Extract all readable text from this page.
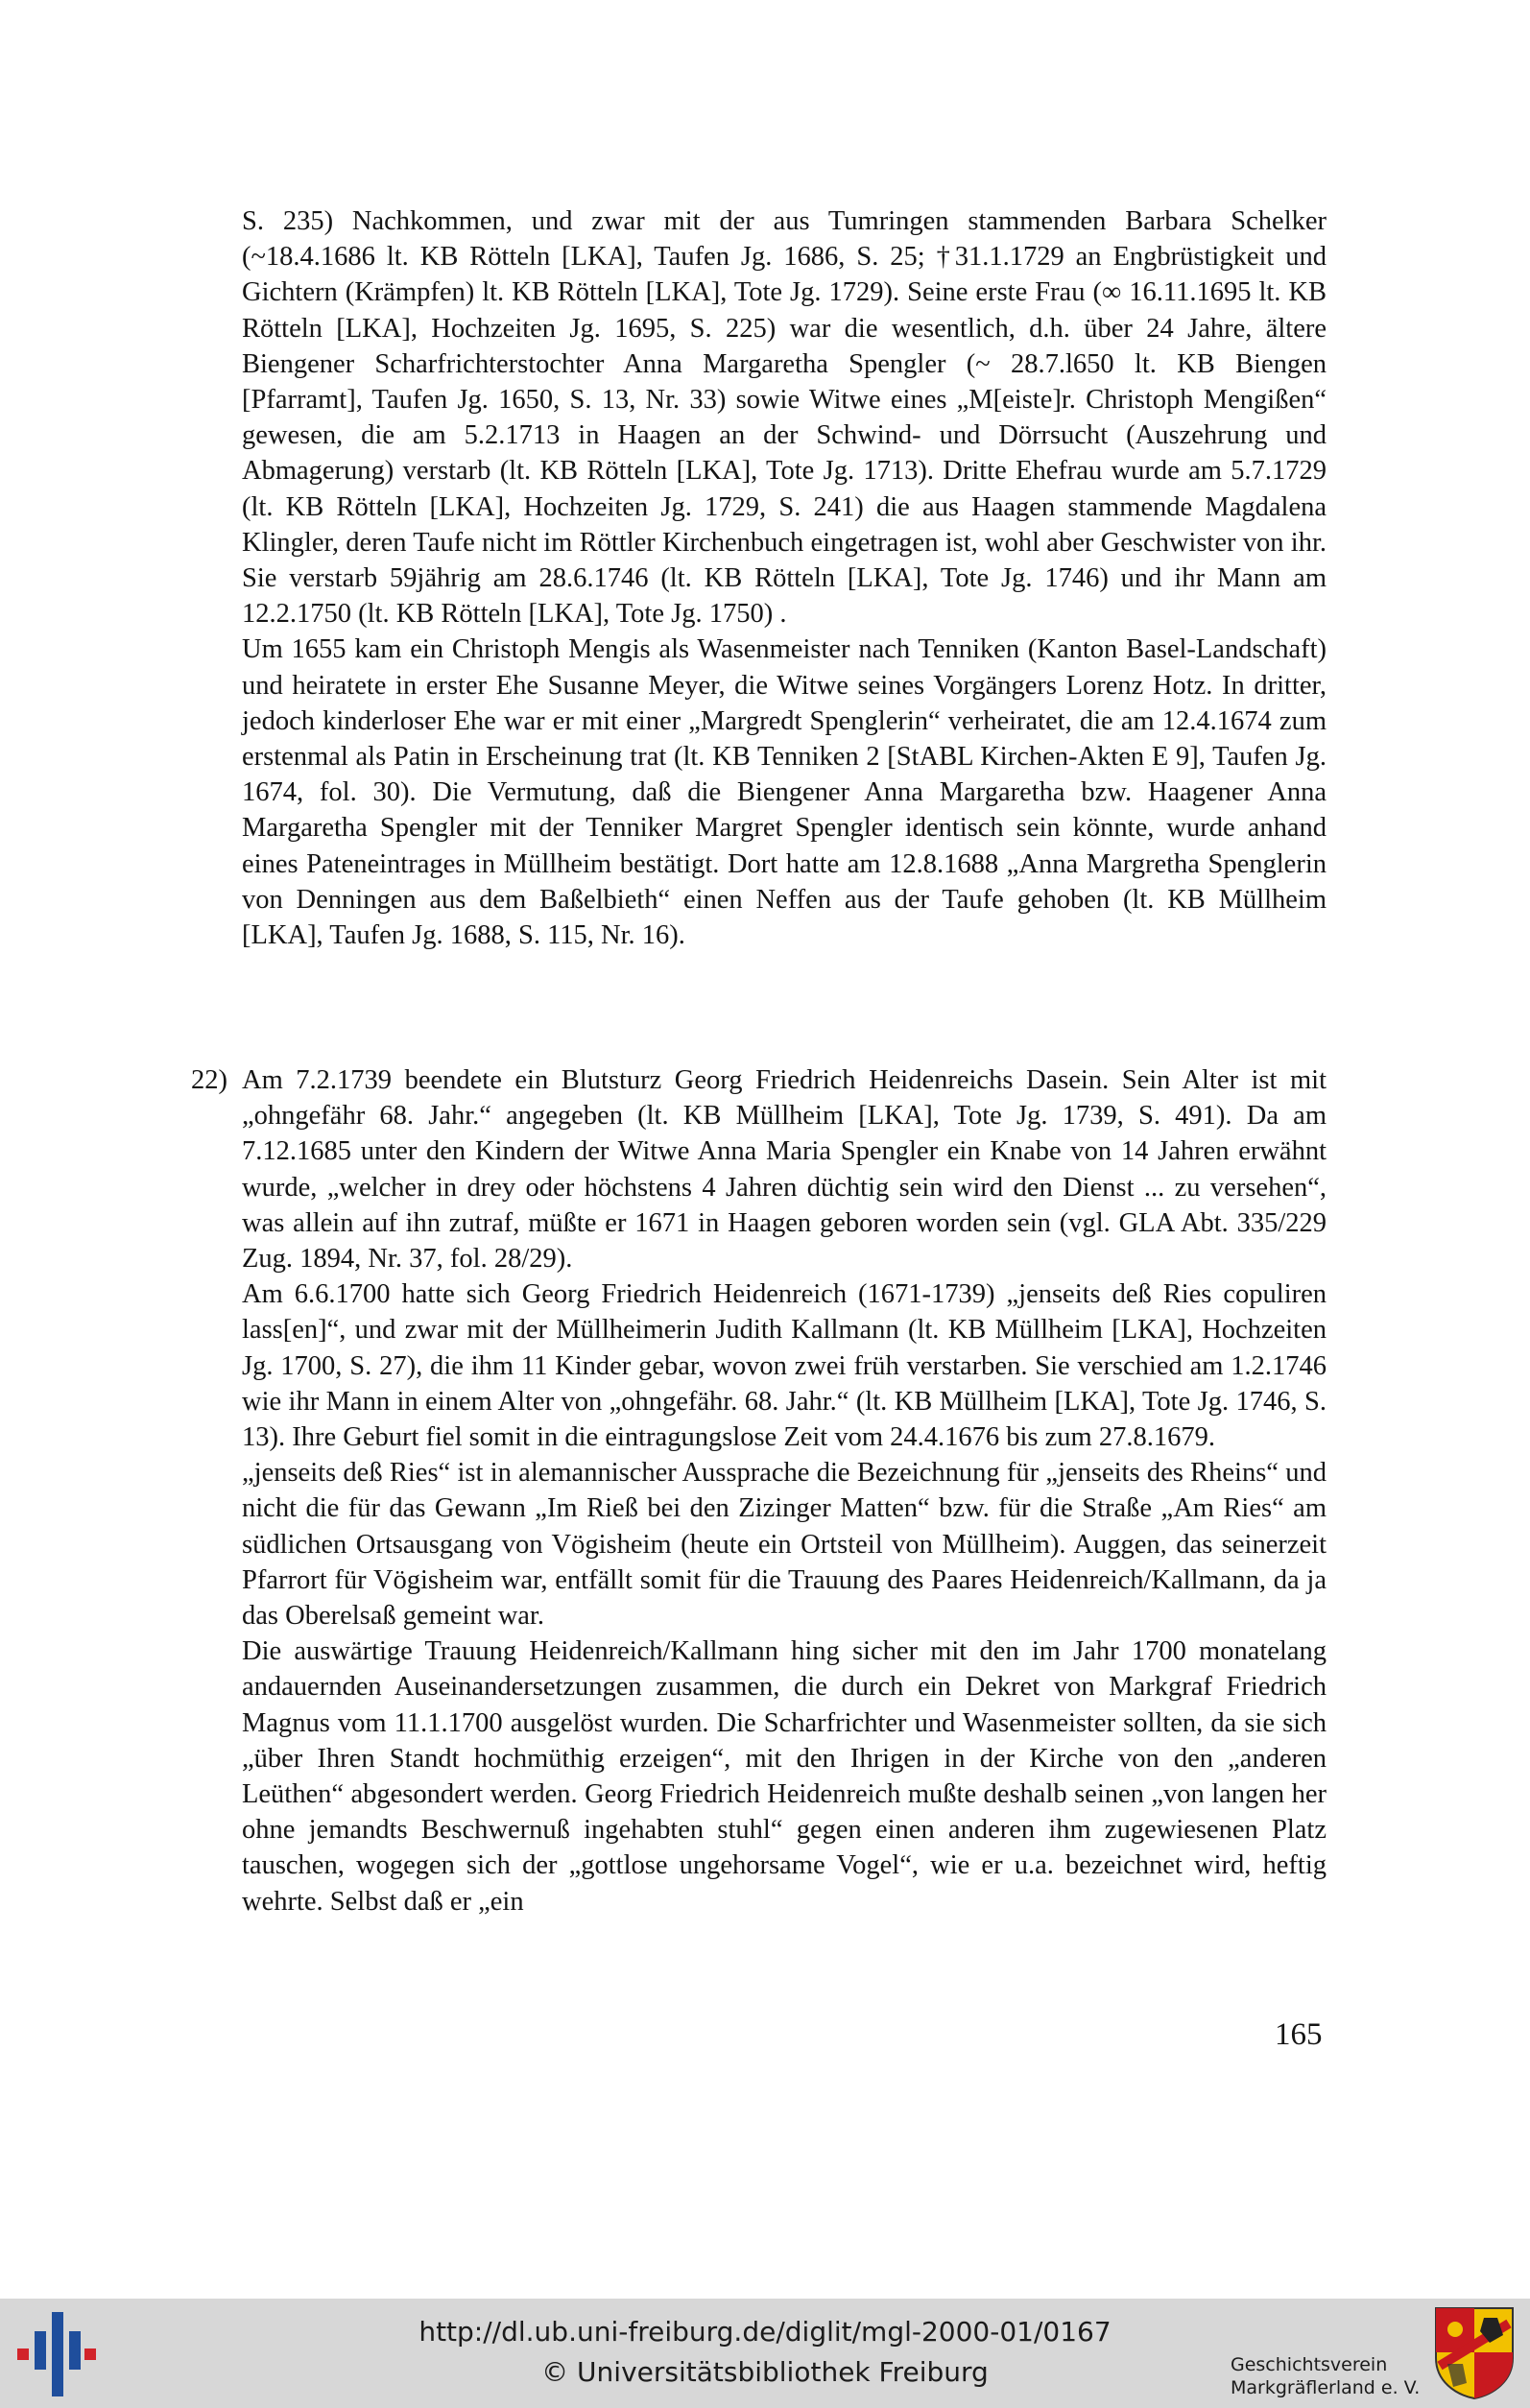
S. 235) Nachkommen, und zwar mit der aus Tumringen stammenden Barbara Schelker (~18.4.1686 lt. KB Rötteln [LKA], Taufen Jg. 1686, S. 25; †31.1.1729 an Engbrüstigkeit und Gichtern (Krämpfen) lt. KB Rötteln [LKA], Tote Jg. 1729). Seine erste Frau (∞ 16.11.1695 lt. KB Rötteln [LKA], Hochzeiten Jg. 1695, S. 225) war die wesentlich, d.h. über 24 Jahre, ältere Biengener Scharfrichterstochter Anna Margaretha Spengler (~ 28.7.l650 lt. KB Biengen [Pfarramt], Taufen Jg. 1650, S. 13, Nr. 33) sowie Witwe eines „M[eiste]r. Christoph Mengißen“ gewesen, die am 5.2.1713 in Haagen an der Schwind- und Dörrsucht (Auszehrung und Abmagerung) verstarb (lt. KB Rötteln [LKA], Tote Jg. 1713). Dritte Ehefrau wurde am 5.7.1729 (lt. KB Rötteln [LKA], Hochzeiten Jg. 1729, S. 241) die aus Haagen stammende Magdalena Klingler, deren Taufe nicht im Röttler Kirchenbuch eingetragen ist, wohl aber Geschwister von ihr. Sie verstarb 59jährig am 28.6.1746 (lt. KB Rötteln [LKA], Tote Jg. 1746) und ihr Mann am 12.2.1750 (lt. KB Rötteln [LKA], Tote Jg. 1750) .

Um 1655 kam ein Christoph Mengis als Wasenmeister nach Tenniken (Kanton Basel-Landschaft) und heiratete in erster Ehe Susanne Meyer, die Witwe seines Vorgängers Lorenz Hotz. In dritter, jedoch kinderloser Ehe war er mit einer „Margredt Spenglerin“ verheiratet, die am 12.4.1674 zum erstenmal als Patin in Erscheinung trat (lt. KB Tenniken 2 [StABL Kirchen-Akten E 9], Taufen Jg. 1674, fol. 30). Die Vermutung, daß die Biengener Anna Margaretha bzw. Haagener Anna Margaretha Spengler mit der Tenniker Margret Spengler identisch sein könnte, wurde anhand eines Pateneintrages in Müllheim bestätigt. Dort hatte am 12.8.1688 „Anna Margretha Spenglerin von Denningen aus dem Baßelbieth“ einen Neffen aus der Taufe gehoben (lt. KB Müllheim [LKA], Taufen Jg. 1688, S. 115, Nr. 16).

22) Am 7.2.1739 beendete ein Blutsturz Georg Friedrich Heidenreichs Dasein. Sein Alter ist mit „ohngefähr 68. Jahr.“ angegeben (lt. KB Müllheim [LKA], Tote Jg. 1739, S. 491). Da am 7.12.1685 unter den Kindern der Witwe Anna Maria Spengler ein Knabe von 14 Jahren erwähnt wurde, „welcher in drey oder höchstens 4 Jahren düchtig sein wird den Dienst ... zu versehen“, was allein auf ihn zutraf, müßte er 1671 in Haagen geboren worden sein (vgl. GLA Abt. 335/229 Zug. 1894, Nr. 37, fol. 28/29).

Am 6.6.1700 hatte sich Georg Friedrich Heidenreich (1671-1739) „jenseits deß Ries copuliren lass[en]“, und zwar mit der Müllheimerin Judith Kallmann (lt. KB Müllheim [LKA], Hochzeiten Jg. 1700, S. 27), die ihm 11 Kinder gebar, wovon zwei früh verstarben. Sie verschied am 1.2.1746 wie ihr Mann in einem Alter von „ohngefähr. 68. Jahr.“ (lt. KB Müllheim [LKA], Tote Jg. 1746, S. 13). Ihre Geburt fiel somit in die eintragungslose Zeit vom 24.4.1676 bis zum 27.8.1679.

„jenseits deß Ries“ ist in alemannischer Aussprache die Bezeichnung für „jenseits des Rheins“ und nicht die für das Gewann „Im Rieß bei den Zizinger Matten“ bzw. für die Straße „Am Ries“ am südlichen Ortsausgang von Vögisheim (heute ein Ortsteil von Müllheim). Auggen, das seinerzeit Pfarrort für Vögisheim war, entfällt somit für die Trauung des Paares Heidenreich/Kallmann, da ja das Oberelsaß gemeint war.

Die auswärtige Trauung Heidenreich/Kallmann hing sicher mit den im Jahr 1700 monatelang andauernden Auseinandersetzungen zusammen, die durch ein Dekret von Markgraf Friedrich Magnus vom 11.1.1700 ausgelöst wurden. Die Scharfrichter und Wasenmeister sollten, da sie sich „über Ihren Standt hochmüthig erzeigen“, mit den Ihrigen in der Kirche von den „anderen Leüthen“ abgesondert werden. Georg Friedrich Heidenreich mußte deshalb seinen „von langen her ohne jemandts Beschwernuß ingehabten stuhl“ gegen einen anderen ihm zugewiesenen Platz tauschen, wogegen sich der „gottlose ungehorsame Vogel“, wie er u.a. bezeichnet wird, heftig wehrte. Selbst daß er „ein

165
http://dl.ub.uni-freiburg.de/diglit/mgl-2000-01/0167
© Universitätsbibliothek Freiburg	Geschichtsverein
Markgräflerland e. V.
